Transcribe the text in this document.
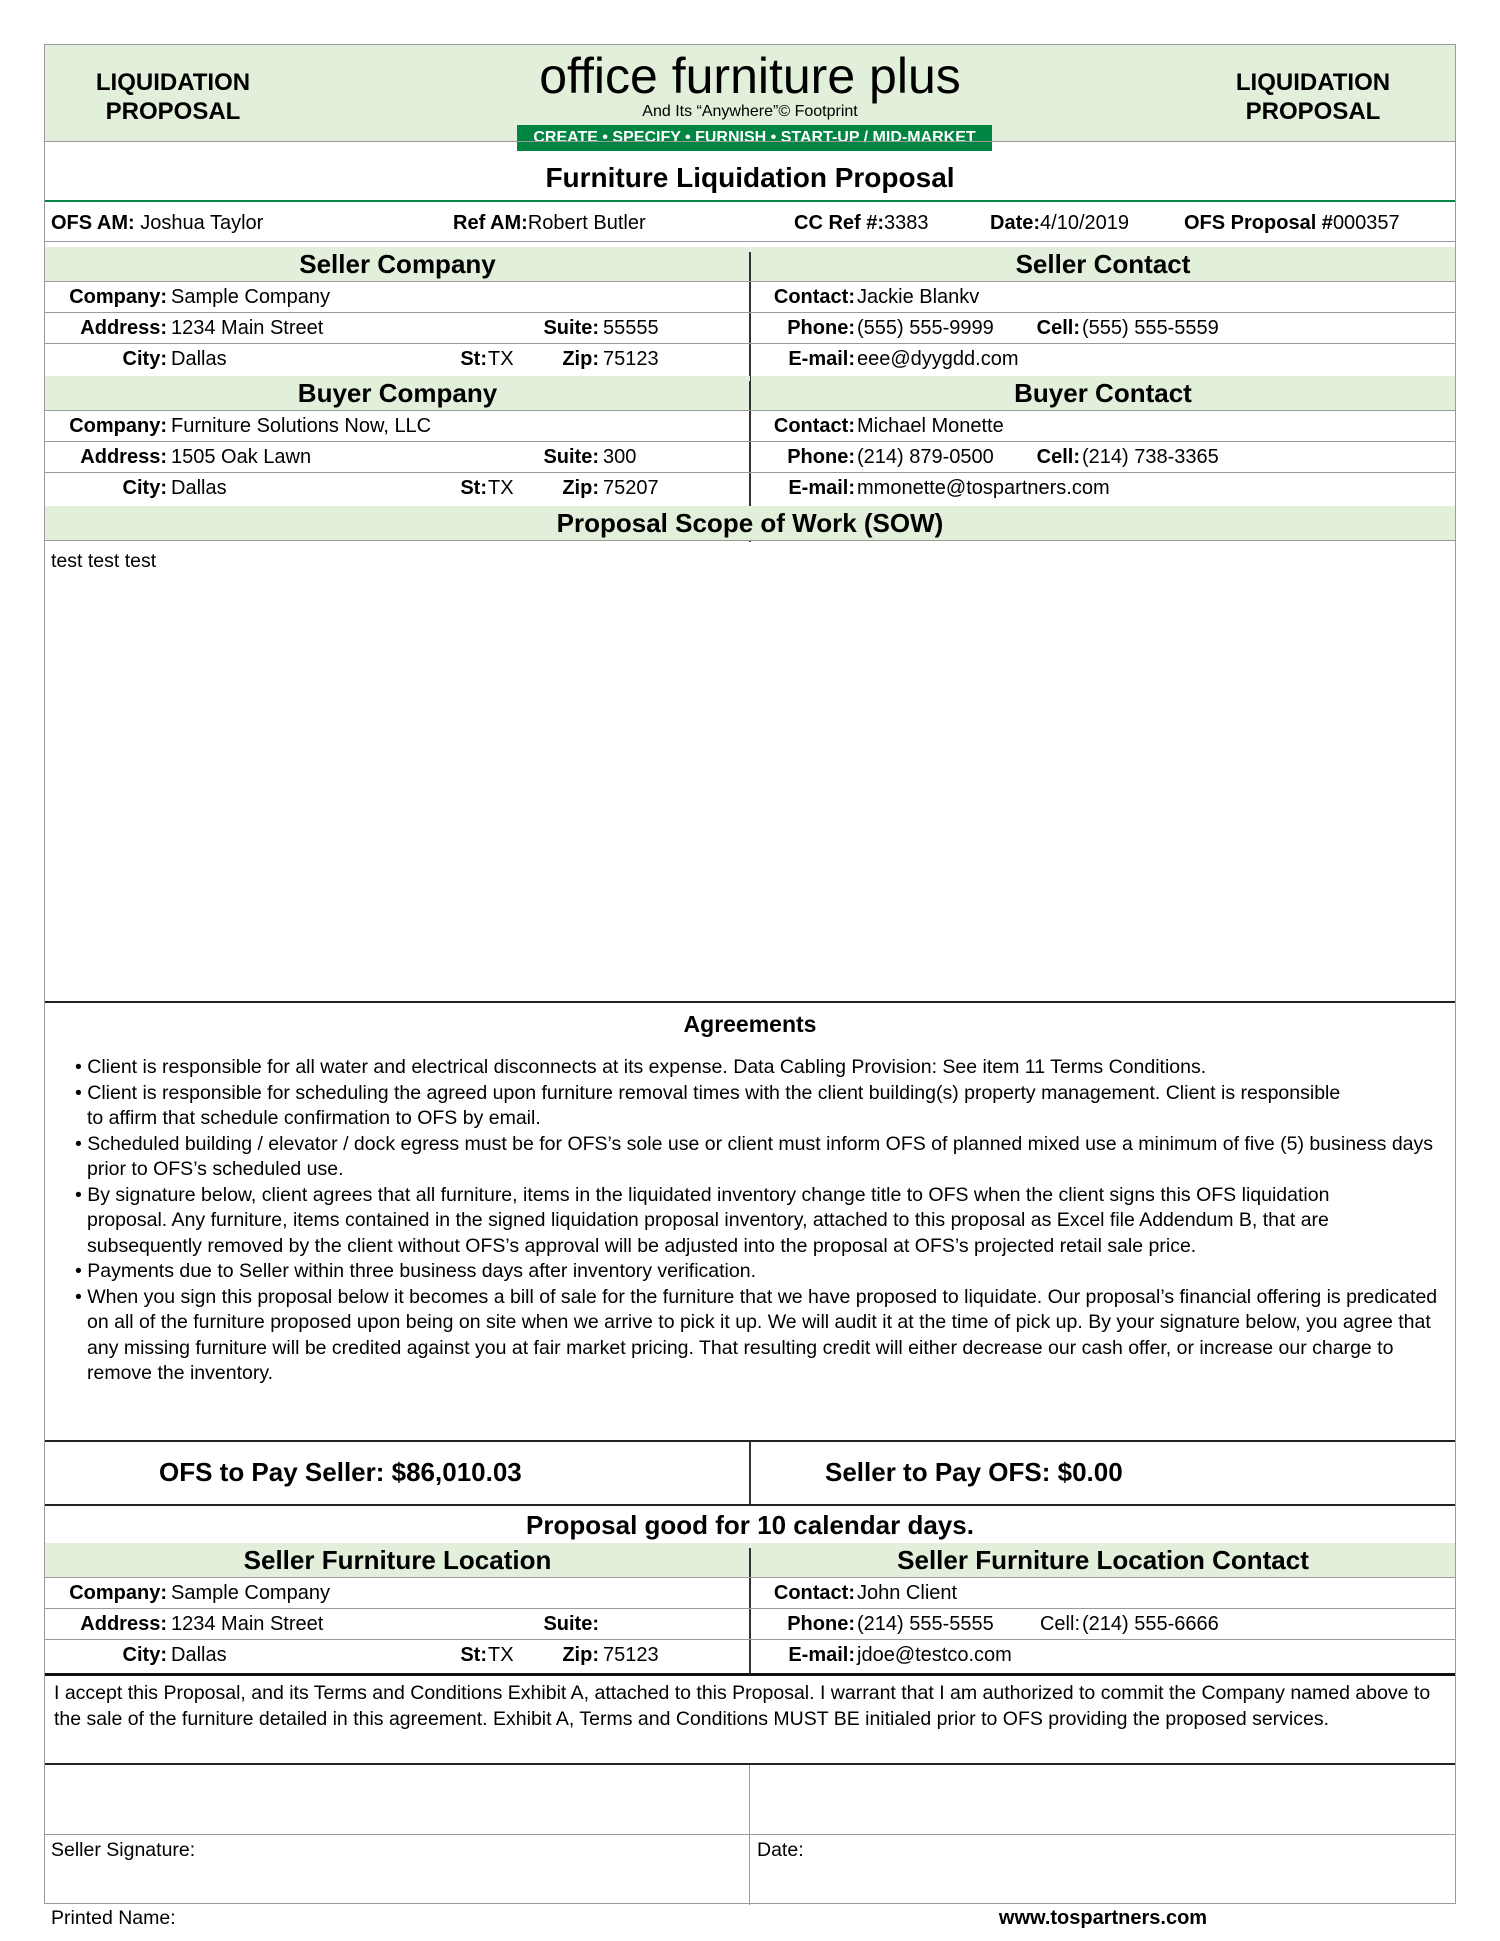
LIQUIDATION
PROPOSAL
LIQUIDATION
PROPOSAL
office furniture plus
And Its “Anywhere”© Footprint
CREATE • SPECIFY • FURNISH • START-UP / MID-MARKET
Furniture Liquidation Proposal
OFS AM: Joshua Taylor	Ref AM:Robert Butler	CC Ref #:3383	Date:4/10/2019	OFS Proposal #000357
Seller Company	Seller Contact
Company: Sample Company
Address: 1234 Main Street	Suite: 55555
City: Dallas	St: TX	Zip: 75123
Contact: Jackie Blankv
Phone: (555) 555-9999	Cell: (555) 555-5559
E-mail: eee@dyygdd.com
Buyer Company	Buyer Contact
Company: Furniture Solutions Now, LLC
Address: 1505 Oak Lawn	Suite: 300
City: Dallas	St: TX	Zip: 75207
Contact: Michael Monette
Phone: (214) 879-0500	Cell: (214) 738-3365
E-mail: mmonette@tospartners.com
Proposal Scope of Work (SOW)
test test test
Agreements
• Client is responsible for all water and electrical disconnects at its expense. Data Cabling Provision: See item 11 Terms Conditions.
• Client is responsible for scheduling the agreed upon furniture removal times with the client building(s) property management. Client is responsible to affirm that schedule confirmation to OFS by email.
• Scheduled building / elevator / dock egress must be for OFS’s sole use or client must inform OFS of planned mixed use a minimum of five (5) business days prior to OFS’s scheduled use.
• By signature below, client agrees that all furniture, items in the liquidated inventory change title to OFS when the client signs this OFS liquidation proposal. Any furniture, items contained in the signed liquidation proposal inventory, attached to this proposal as Excel file Addendum B, that are subsequently removed by the client without OFS’s approval will be adjusted into the proposal at OFS’s projected retail sale price.
• Payments due to Seller within three business days after inventory verification.
• When you sign this proposal below it becomes a bill of sale for the furniture that we have proposed to liquidate. Our proposal’s financial offering is predicated on all of the furniture proposed upon being on site when we arrive to pick it up. We will audit it at the time of pick up. By your signature below, you agree that any missing furniture will be credited against you at fair market pricing. That resulting credit will either decrease our cash offer, or increase our charge to remove the inventory.
OFS to Pay Seller: $86,010.03	Seller to Pay OFS: $0.00
Proposal good for 10 calendar days.
Seller Furniture Location	Seller Furniture Location Contact
Company: Sample Company
Address: 1234 Main Street	Suite:
City: Dallas	St: TX	Zip: 75123
Contact: John Client
Phone: (214) 555-5555	Cell: (214) 555-6666
E-mail: jdoe@testco.com
I accept this Proposal, and its Terms and Conditions Exhibit A, attached to this Proposal. I warrant that I am authorized to commit the Company named above to the sale of the furniture detailed in this agreement. Exhibit A, Terms and Conditions MUST BE initialed prior to OFS providing the proposed services.
Seller Signature:	Date:
Printed Name:	www.tospartners.com
